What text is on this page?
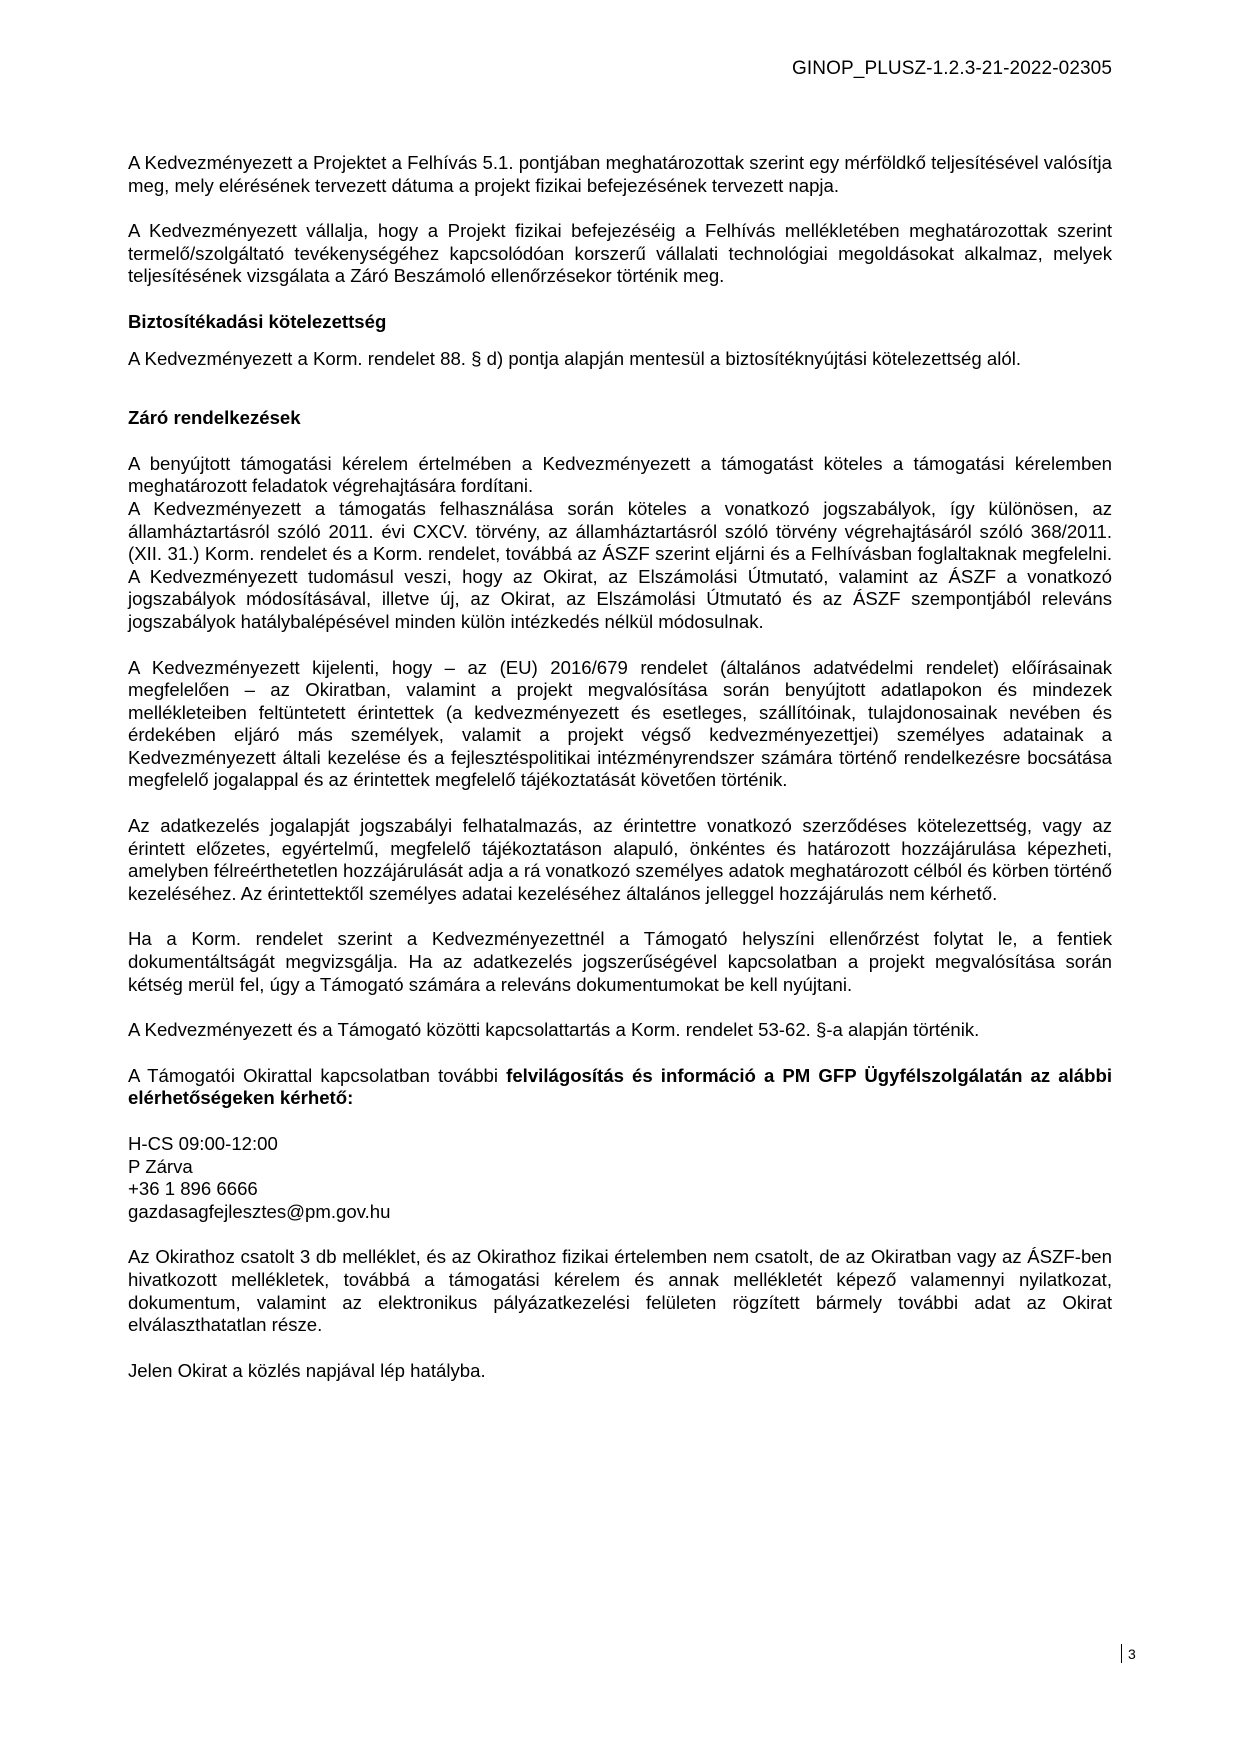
GINOP_PLUSZ-1.2.3-21-2022-02305

A Kedvezményezett a Projektet a Felhívás 5.1. pontjában meghatározottak szerint egy mérföldkő teljesítésével valósítja meg, mely elérésének tervezett dátuma a projekt fizikai befejezésének tervezett napja.

A Kedvezményezett vállalja, hogy a Projekt fizikai befejezéséig a Felhívás mellékletében meghatározottak szerint termelő/szolgáltató tevékenységéhez kapcsolódóan korszerű vállalati technológiai megoldásokat alkalmaz, melyek teljesítésének vizsgálata a Záró Beszámoló ellenőrzésekor történik meg.

Biztosítékadási kötelezettség

A Kedvezményezett a Korm. rendelet 88. § d) pontja alapján mentesül a biztosítéknyújtási kötelezettség alól.

Záró rendelkezések

A benyújtott támogatási kérelem értelmében a Kedvezményezett a támogatást köteles a támogatási kérelemben meghatározott feladatok végrehajtására fordítani.

A Kedvezményezett a támogatás felhasználása során köteles a vonatkozó jogszabályok, így különösen, az államháztartásról szóló 2011. évi CXCV. törvény, az államháztartásról szóló törvény végrehajtásáról szóló 368/2011. (XII. 31.) Korm. rendelet és a Korm. rendelet, továbbá az ÁSZF szerint eljárni és a Felhívásban foglaltaknak megfelelni. A Kedvezményezett tudomásul veszi, hogy az Okirat, az Elszámolási Útmutató, valamint az ÁSZF a vonatkozó jogszabályok módosításával, illetve új, az Okirat, az Elszámolási Útmutató és az ÁSZF szempontjából releváns jogszabályok hatálybalépésével minden külön intézkedés nélkül módosulnak.

A Kedvezményezett kijelenti, hogy – az (EU) 2016/679 rendelet (általános adatvédelmi rendelet) előírásainak megfelelően – az Okiratban, valamint a projekt megvalósítása során benyújtott adatlapokon és mindezek mellékleteiben feltüntetett érintettek (a kedvezményezett és esetleges, szállítóinak, tulajdonosainak nevében és érdekében eljáró más személyek, valamit a projekt végső kedvezményezettjei) személyes adatainak a Kedvezményezett általi kezelése és a fejlesztéspolitikai intézményrendszer számára történő rendelkezésre bocsátása megfelelő jogalappal és az érintettek megfelelő tájékoztatását követően történik.

Az adatkezelés jogalapját jogszabályi felhatalmazás, az érintettre vonatkozó szerződéses kötelezettség, vagy az érintett előzetes, egyértelmű, megfelelő tájékoztatáson alapuló, önkéntes és határozott hozzájárulása képezheti, amelyben félreérthetetlen hozzájárulását adja a rá vonatkozó személyes adatok meghatározott célból és körben történő kezeléséhez. Az érintettektől személyes adatai kezeléséhez általános jelleggel hozzájárulás nem kérhető.

Ha a Korm. rendelet szerint a Kedvezményezettnél a Támogató helyszíni ellenőrzést folytat le, a fentiek dokumentáltságát megvizsgálja. Ha az adatkezelés jogszerűségével kapcsolatban a projekt megvalósítása során kétség merül fel, úgy a Támogató számára a releváns dokumentumokat be kell nyújtani.

A Kedvezményezett és a Támogató közötti kapcsolattartás a Korm. rendelet 53-62. §-a alapján történik.

A Támogatói Okirattal kapcsolatban további felvilágosítás és információ a PM GFP Ügyfélszolgálatán az alábbi elérhetőségeken kérhető:

H-CS 09:00-12:00

P Zárva

+36 1 896 6666

gazdasagfejlesztes@pm.gov.hu

Az Okirathoz csatolt 3 db melléklet, és az Okirathoz fizikai értelemben nem csatolt, de az Okiratban vagy az ÁSZF-ben hivatkozott mellékletek, továbbá a támogatási kérelem és annak mellékletét képező valamennyi nyilatkozat, dokumentum, valamint az elektronikus pályázatkezelési felületen rögzített bármely további adat az Okirat elválaszthatatlan része.

Jelen Okirat a közlés napjával lép hatályba.

3
